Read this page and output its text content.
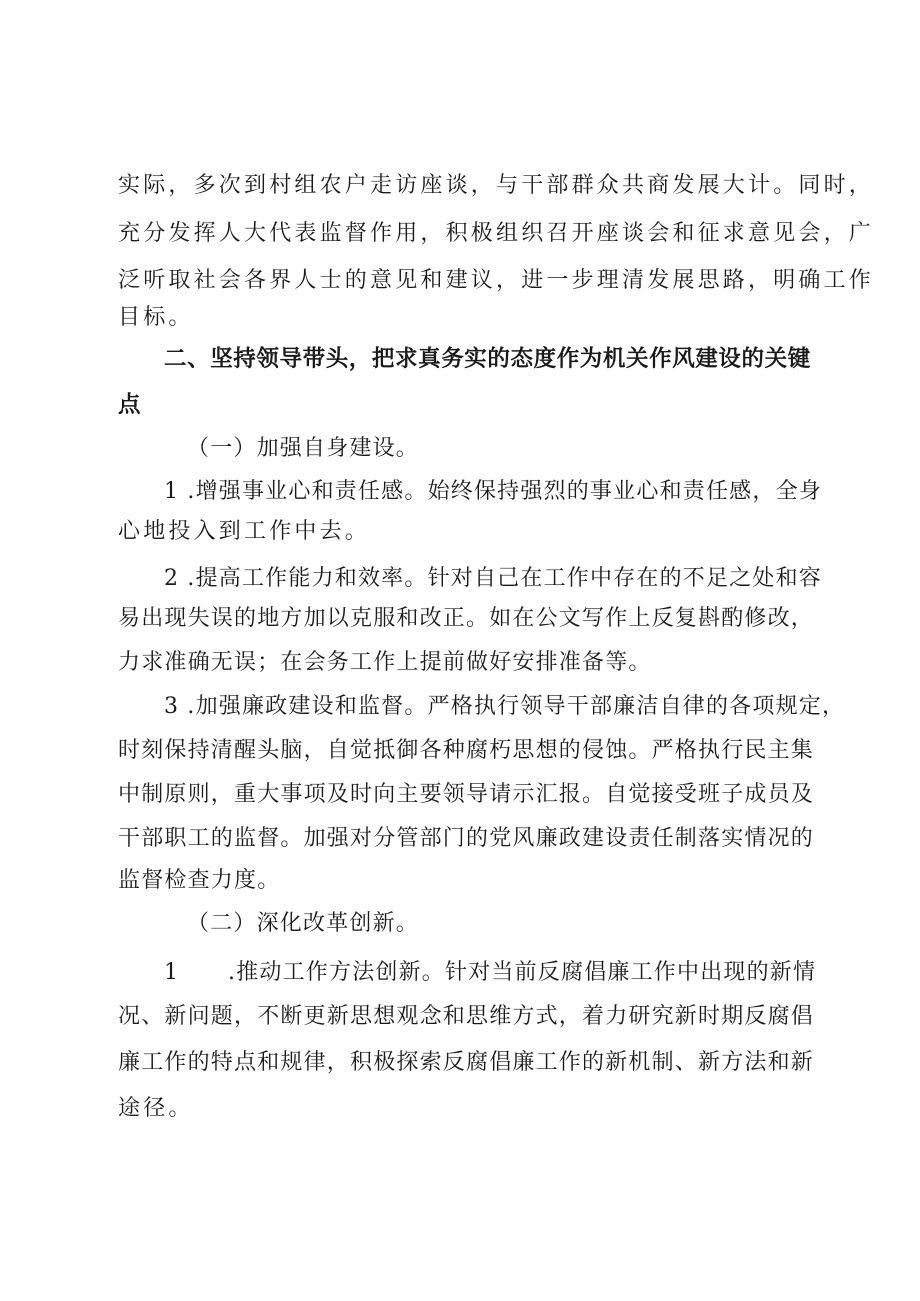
实际，多次到村组农户走访座谈，与干部群众共商发展大计。同时，
充分发挥人大代表监督作用，积极组织召开座谈会和征求意见会，广
泛听取社会各界人士的意见和建议，进一步理清发展思路，明确工作
目标。
二、坚持领导带头，把求真务实的态度作为机关作风建设的关键
点
（一）加强自身建设。
1 .增强事业心和责任感。始终保持强烈的事业心和责任感，全身
心地投入到工作中去。
2 .提高工作能力和效率。针对自己在工作中存在的不足之处和容
易出现失误的地方加以克服和改正。如在公文写作上反复斟酌修改，
力求准确无误；在会务工作上提前做好安排准备等。
3 .加强廉政建设和监督。严格执行领导干部廉洁自律的各项规定，
时刻保持清醒头脑，自觉抵御各种腐朽思想的侵蚀。严格执行民主集
中制原则，重大事项及时向主要领导请示汇报。自觉接受班子成员及
干部职工的监督。加强对分管部门的党风廉政建设责任制落实情况的
监督检查力度。
（二）深化改革创新。
1	.推动工作方法创新。针对当前反腐倡廉工作中出现的新情
况、新问题，不断更新思想观念和思维方式，着力研究新时期反腐倡
廉工作的特点和规律，积极探索反腐倡廉工作的新机制、新方法和新
途径。
